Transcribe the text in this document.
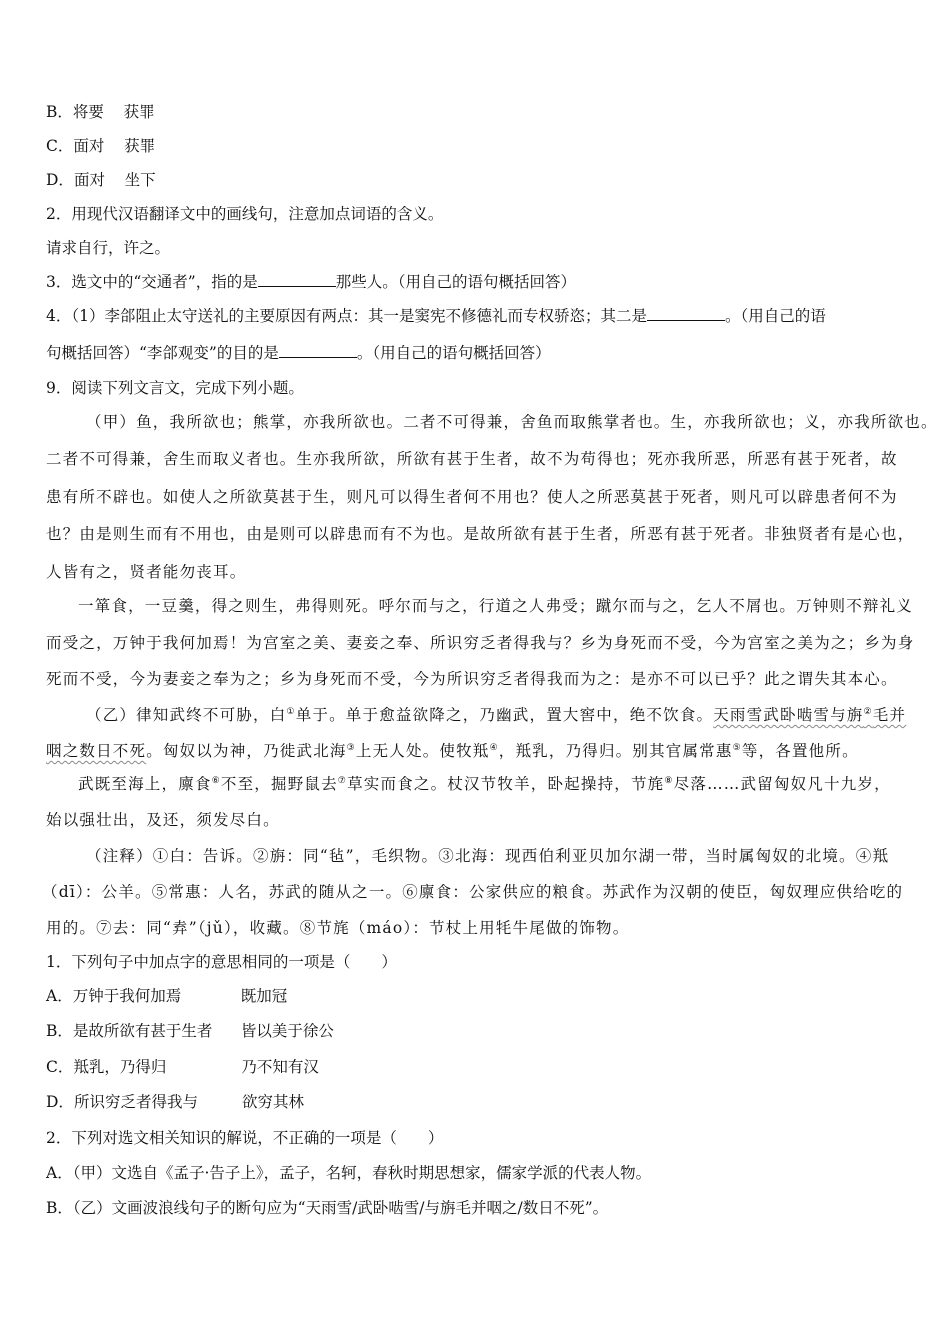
B．将要 获罪
C．面对 获罪
D．面对 坐下
2．用现代汉语翻译文中的画线句，注意加点词语的含义。
请求自行，许之。
3．选文中的“交通者”，指的是	那些人。（用自己的语句概括回答）
4．（1）李郃阻止太守送礼的主要原因有两点：其一是窦宪不修德礼而专权骄恣；其二是	。（用自己的语
句概括回答）“李郃观变”的目的是	。（用自己的语句概括回答）
9．阅读下列文言文，完成下列小题。
（甲）鱼，我所欲也；熊掌，亦我所欲也。二者不可得兼，舍鱼而取熊掌者也。生，亦我所欲也；义，亦我所欲也。
二者不可得兼，舍生而取义者也。生亦我所欲，所欲有甚于生者，故不为苟得也；死亦我所恶，所恶有甚于死者，故
患有所不辟也。如使人之所欲莫甚于生，则凡可以得生者何不用也？使人之所恶莫甚于死者，则凡可以辟患者何不为
也？由是则生而有不用也，由是则可以辟患而有不为也。是故所欲有甚于生者，所恶有甚于死者。非独贤者有是心也，
人皆有之，贤者能勿丧耳。
一箪食，一豆羹，得之则生，弗得则死。呼尔而与之，行道之人弗受；蹴尔而与之，乞人不屑也。万钟则不辩礼义
而受之，万钟于我何加焉！为宫室之美、妻妾之奉、所识穷乏者得我与？乡为身死而不受，今为宫室之美为之；乡为身
死而不受，今为妻妾之奉为之；乡为身死而不受，今为所识穷乏者得我而为之：是亦不可以已乎？此之谓失其本心。
（乙）律知武终不可胁，白①单于。单于愈益欲降之，乃幽武，置大窖中，绝不饮食。天雨雪武卧啮雪与旃②毛并
咽之数日不死。匈奴以为神，乃徙武北海③上无人处。使牧羝④，羝乳，乃得归。别其官属常惠⑤等，各置他所。
武既至海上，廪食⑥不至，掘野鼠去⑦草实而食之。杖汉节牧羊，卧起操持，节旄⑧尽落……武留匈奴凡十九岁，
始以强壮出，及还，须发尽白。
（注释）①白：告诉。②旃：同“毡”，毛织物。③北海：现西伯利亚贝加尔湖一带，当时属匈奴的北境。④羝
（dī）：公羊。⑤常惠：人名，苏武的随从之一。⑥廪食：公家供应的粮食。苏武作为汉朝的使臣，匈奴理应供给吃的
用的。⑦去：同“弆”（jǔ），收藏。⑧节旄（máo）：节杖上用牦牛尾做的饰物。
1．下列句子中加点字的意思相同的一项是（　　）
A．万钟于我何加焉	既加冠
B．是故所欲有甚于生者 皆以美于徐公
C．羝乳，乃得归	乃不知有汉
D．所识穷乏者得我与	欲穷其林
2．下列对选文相关知识的解说，不正确的一项是（　　）
A．（甲）文选自《孟子·告子上》，孟子，名轲，春秋时期思想家，儒家学派的代表人物。
B．（乙）文画波浪线句子的断句应为“天雨雪/武卧啮雪/与旃毛并咽之/数日不死”。
